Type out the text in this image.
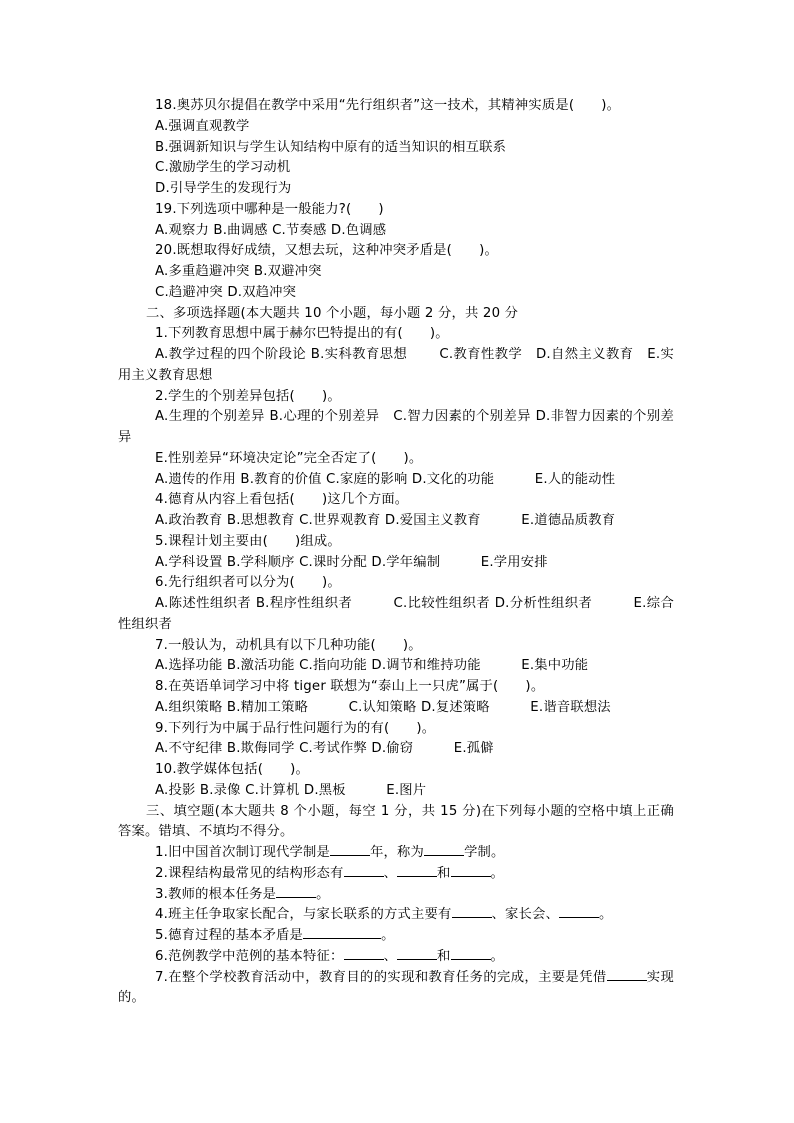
18.奥苏贝尔提倡在教学中采用“先行组织者”这一技术，其精神实质是(　　)。
A.强调直观教学
B.强调新知识与学生认知结构中原有的适当知识的相互联系
C.激励学生的学习动机
D.引导学生的发现行为
19.下列选项中哪种是一般能力?(　　)
A.观察力 B.曲调感 C.节奏感 D.色调感
20.既想取得好成绩，又想去玩，这种冲突矛盾是(　　)。
A.多重趋避冲突 B.双避冲突
C.趋避冲突 D.双趋冲突
二、多项选择题(本大题共 10 个小题，每小题 2 分，共 20 分
1.下列教育思想中属于赫尔巴特提出的有(　　)。
A.教学过程的四个阶段论 B.实科教育思想　　 C.教育性教学　D.自然主义教育　E.实用主义教育思想
2.学生的个别差异包括(　　)。
A.生理的个别差异 B.心理的个别差异　C.智力因素的个别差异 D.非智力因素的个别差异
E.性别差异“环境决定论”完全否定了(　　)。
A.遗传的作用 B.教育的价值 C.家庭的影响 D.文化的功能　　　E.人的能动性
4.德育从内容上看包括(　　)这几个方面。
A.政治教育 B.思想教育 C.世界观教育 D.爱国主义教育　　　E.道德品质教育
5.课程计划主要由(　　)组成。
A.学科设置 B.学科顺序 C.课时分配 D.学年编制　　　E.学用安排
6.先行组织者可以分为(　　)。
A.陈述性组织者 B.程序性组织者　　　C.比较性组织者 D.分析性组织者　　　E.综合性组织者
7.一般认为，动机具有以下几种功能(　　)。
A.选择功能 B.激活功能 C.指向功能 D.调节和维持功能　　　E.集中功能
8.在英语单词学习中将 tiger 联想为“泰山上一只虎”属于(　　)。
A.组织策略 B.精加工策略　　　C.认知策略 D.复述策略　　　E.谐音联想法
9.下列行为中属于品行性问题行为的有(　　)。
A.不守纪律 B.欺侮同学 C.考试作弊 D.偷窃　　　E.孤僻
10.教学媒体包括(　　)。
A.投影 B.录像 C.计算机 D.黑板　　　E.图片
三、填空题(本大题共 8 个小题，每空 1 分，共 15 分)在下列每小题的空格中填上正确答案。错填、不填均不得分。
1.旧中国首次制订现代学制是	年，称为	学制。
2.课程结构最常见的结构形态有	、	和	。
3.教师的根本任务是	。
4.班主任争取家长配合，与家长联系的方式主要有	、家长会、	。
5.德育过程的基本矛盾是	。
6.范例教学中范例的基本特征：	、	和	。
7.在整个学校教育活动中，教育目的的实现和教育任务的完成，主要是凭借	实现的。
